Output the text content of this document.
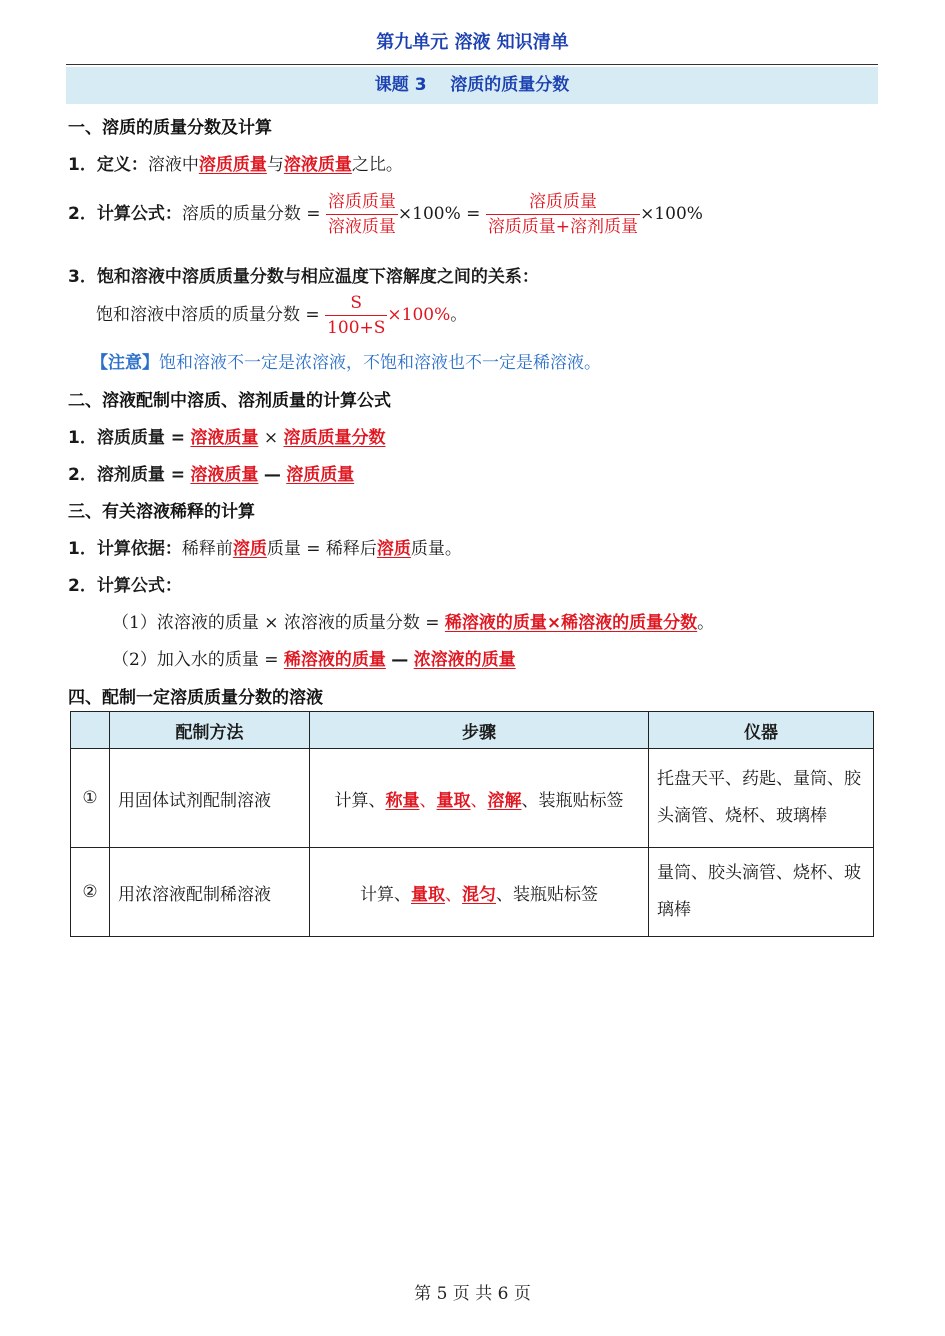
第九单元 溶液 知识清单
课题 3    溶质的质量分数
一、溶质的质量分数及计算
1．定义：溶液中溶质质量与溶液质量之比。
2．计算公式：溶质的质量分数 = $\frac{\text{溶质质量}}{\text{溶液质量}} \times 100\% = \frac{\text{溶质质量}}{\text{溶质质量+溶剂质量}} \times 100\%$
3．饱和溶液中溶质质量分数与相应温度下溶解度之间的关系：
饱和溶液中溶质的质量分数 = $\frac{S}{100+S} \times 100\%$。
【注意】饱和溶液不一定是浓溶液，不饱和溶液也不一定是稀溶液。
二、溶液配制中溶质、溶剂质量的计算公式
1．溶质质量 = 溶液质量 × 溶质质量分数
2．溶剂质量 = 溶液质量 — 溶质质量
三、有关溶液稀释的计算
1．计算依据：稀释前溶质质量 = 稀释后溶质质量。
2．计算公式：
（1）浓溶液的质量 × 浓溶液的质量分数 = 稀溶液的质量×稀溶液的质量分数。
（2）加入水的质量 = 稀溶液的质量 — 浓溶液的质量
四、配制一定溶质质量分数的溶液
	配制方法	步骤	仪器
①	用固体试剂配制溶液	计算、称量、量取、溶解、装瓶贴标签	托盘天平、药匙、量筒、胶头滴管、烧杯、玻璃棒
②	用浓溶液配制稀溶液	计算、量取、混匀、装瓶贴标签	量筒、胶头滴管、烧杯、玻璃棒
第 5 页 共 6 页
